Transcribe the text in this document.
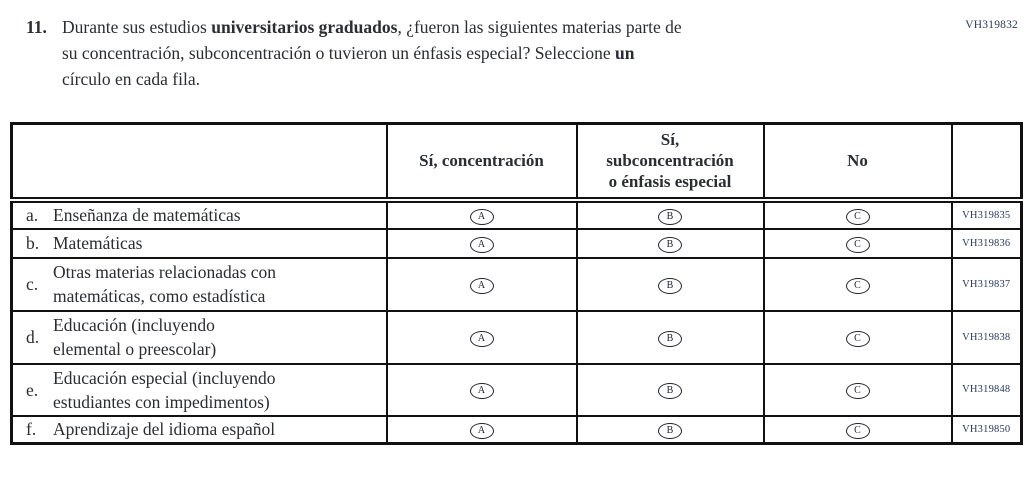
VH319832
11. Durante sus estudios universitarios graduados, ¿fueron las siguientes materias parte de
su concentración, subconcentración o tuvieron un énfasis especial? Seleccione un
círculo en cada fila.
	Sí, concentración	Sí,
subconcentración
o énfasis especial	No	

a. Enseñanza de matemáticas	A	B	C	VH319835

b. Matemáticas	A	B	C	VH319836

c.
Otras materias relacionadas con matemáticas, como estadística	A	B	C	VH319837

d.
Educación (incluyendo elemental o preescolar)	A	B	C	VH319838

e.
Educación especial (incluyendo estudiantes con impedimentos)	A	B	C	VH319848

f. Aprendizaje del idioma español	A	B	C	VH319850
